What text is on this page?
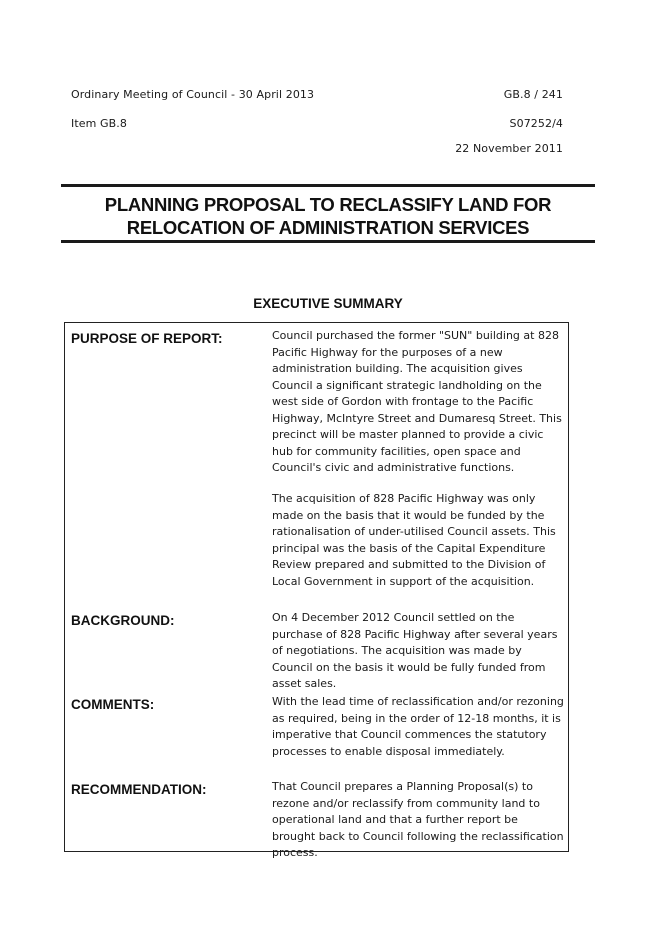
Ordinary Meeting of Council - 30 April 2013	GB.8 / 241
Item GB.8	S07252/4
22 November 2011
PLANNING PROPOSAL TO RECLASSIFY LAND FOR
RELOCATION OF ADMINISTRATION SERVICES
EXECUTIVE SUMMARY
PURPOSE OF REPORT:	Council purchased the former "SUN" building at 828 Pacific Highway for the purposes of a new administration building. The acquisition gives Council a significant strategic landholding on the west side of Gordon with frontage to the Pacific Highway, McIntyre Street and Dumaresq Street. This precinct will be master planned to provide a civic hub for community facilities, open space and Council's civic and administrative functions.

The acquisition of 828 Pacific Highway was only made on the basis that it would be funded by the rationalisation of under-utilised Council assets. This principal was the basis of the Capital Expenditure Review prepared and submitted to the Division of Local Government in support of the acquisition.

BACKGROUND:	On 4 December 2012 Council settled on the purchase of 828 Pacific Highway after several years of negotiations. The acquisition was made by Council on the basis it would be fully funded from asset sales.

COMMENTS:	With the lead time of reclassification and/or rezoning as required, being in the order of 12-18 months, it is imperative that Council commences the statutory processes to enable disposal immediately.

RECOMMENDATION:	That Council prepares a Planning Proposal(s) to rezone and/or reclassify from community land to operational land and that a further report be brought back to Council following the reclassification process.
